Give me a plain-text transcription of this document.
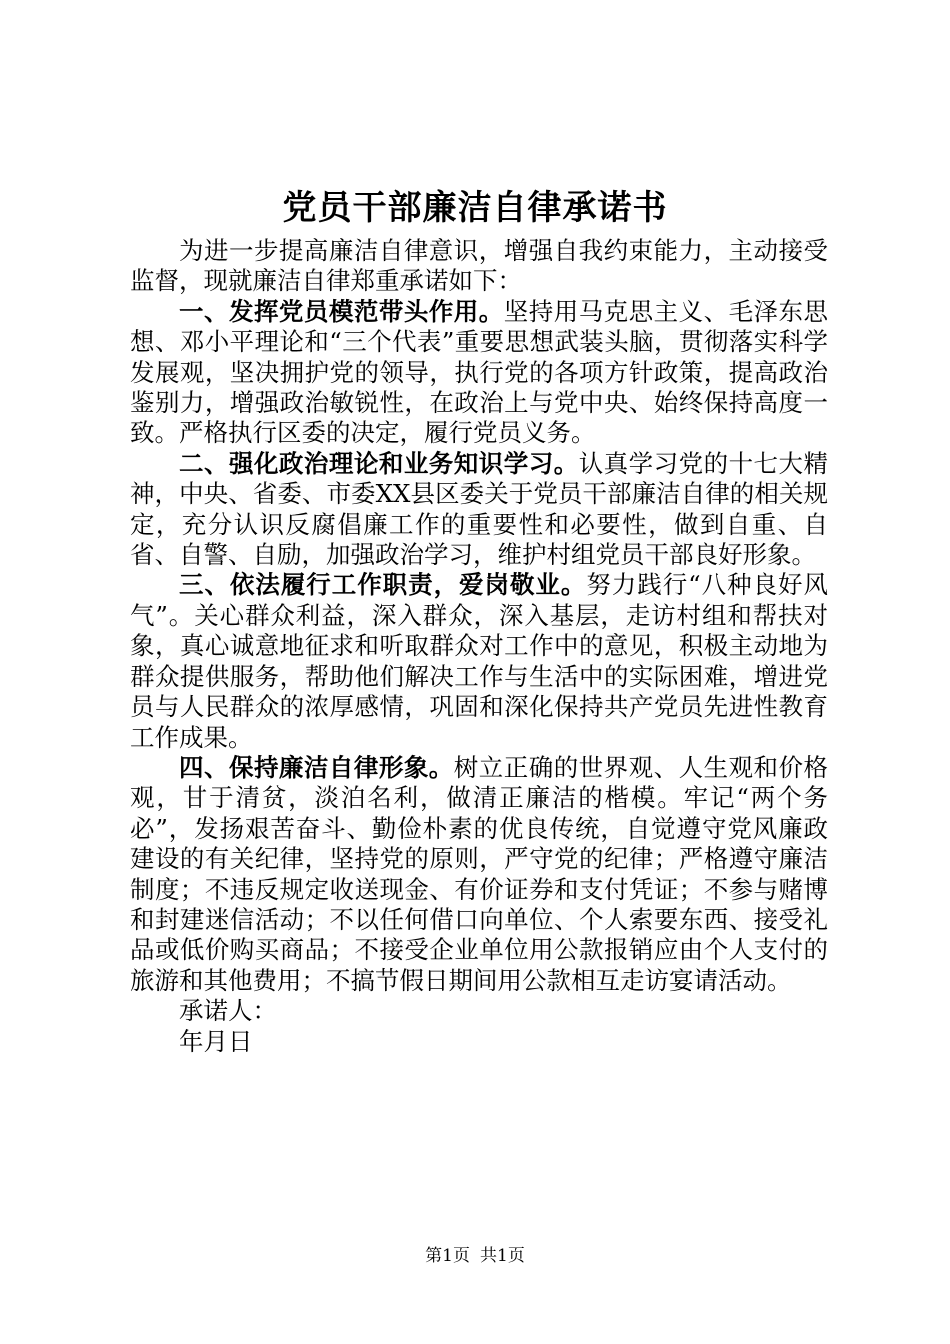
党员干部廉洁自律承诺书

为进一步提高廉洁自律意识，增强自我约束能力，主动接受监督，现就廉洁自律郑重承诺如下：

一、发挥党员模范带头作用。坚持用马克思主义、毛泽东思想、邓小平理论和“三个代表”重要思想武装头脑，贯彻落实科学发展观，坚决拥护党的领导，执行党的各项方针政策，提高政治鉴别力，增强政治敏锐性，在政治上与党中央、始终保持高度一致。严格执行区委的决定，履行党员义务。

二、强化政治理论和业务知识学习。认真学习党的十七大精神，中央、省委、市委XX县区委关于党员干部廉洁自律的相关规定，充分认识反腐倡廉工作的重要性和必要性，做到自重、自省、自警、自励，加强政治学习，维护村组党员干部良好形象。

三、依法履行工作职责，爱岗敬业。努力践行“八种良好风气”。关心群众利益，深入群众，深入基层，走访村组和帮扶对象，真心诚意地征求和听取群众对工作中的意见，积极主动地为群众提供服务，帮助他们解决工作与生活中的实际困难，增进党员与人民群众的浓厚感情，巩固和深化保持共产党员先进性教育工作成果。

四、保持廉洁自律形象。树立正确的世界观、人生观和价格观，甘于清贫，淡泊名利，做清正廉洁的楷模。牢记“两个务必”，发扬艰苦奋斗、勤俭朴素的优良传统，自觉遵守党风廉政建设的有关纪律，坚持党的原则，严守党的纪律；严格遵守廉洁制度；不违反规定收送现金、有价证券和支付凭证；不参与赌博和封建迷信活动；不以任何借口向单位、个人索要东西、接受礼品或低价购买商品；不接受企业单位用公款报销应由个人支付的旅游和其他费用；不搞节假日期间用公款相互走访宴请活动。

承诺人：

年月日

第1页 共1页
